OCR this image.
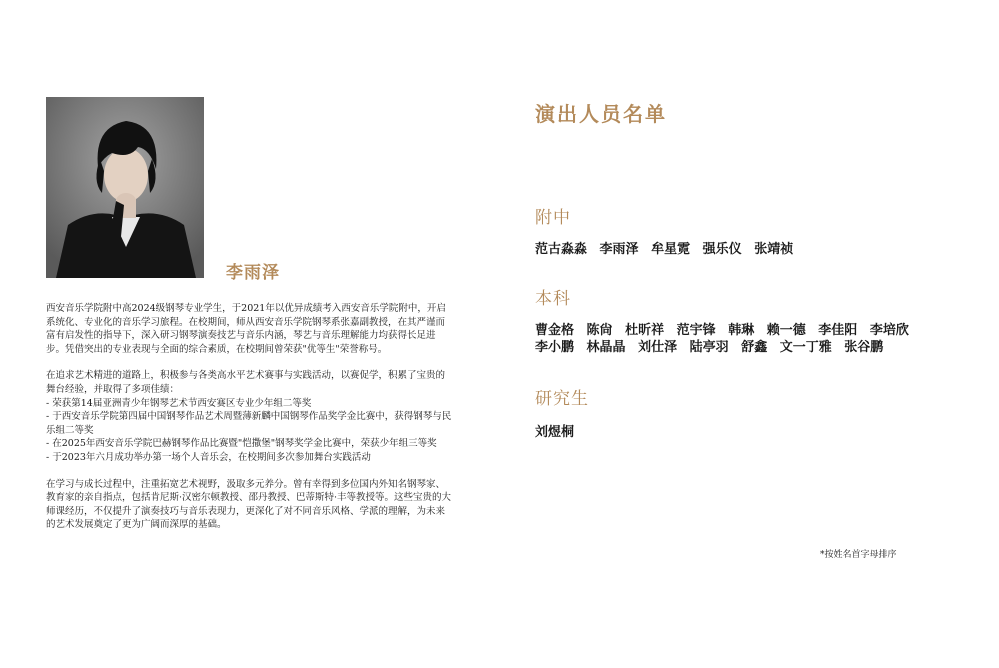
李雨泽

西安音乐学院附中高2024级钢琴专业学生，于2021年以优异成绩考入西安音乐学院附中，开启系统化、专业化的音乐学习旅程。在校期间，师从西安音乐学院钢琴系张嘉副教授，在其严谨而富有启发性的指导下，深入研习钢琴演奏技艺与音乐内涵，琴艺与音乐理解能力均获得长足进步。凭借突出的专业表现与全面的综合素质，在校期间曾荣获"优等生"荣誉称号。

在追求艺术精进的道路上，积极参与各类高水平艺术赛事与实践活动，以赛促学，积累了宝贵的舞台经验，并取得了多项佳绩：
- 荣获第14届亚洲青少年钢琴艺术节西安赛区专业少年组二等奖
- 于西安音乐学院第四届中国钢琴作品艺术周暨薄新麟中国钢琴作品奖学金比赛中，获得钢琴与民乐组二等奖
- 在2025年西安音乐学院巴赫钢琴作品比赛暨"恺撒堡"钢琴奖学金比赛中，荣获少年组三等奖
- 于2023年六月成功举办第一场个人音乐会，在校期间多次参加舞台实践活动

在学习与成长过程中，注重拓宽艺术视野，汲取多元养分。曾有幸得到多位国内外知名钢琴家、教育家的亲自指点，包括肯尼斯·汉密尔顿教授、邵丹教授、巴蒂斯特·丰等教授等。这些宝贵的大师课经历，不仅提升了演奏技巧与音乐表现力，更深化了对不同音乐风格、学派的理解，为未来的艺术发展奠定了更为广阔而深厚的基础。

演出人员名单
附中
范古淼淼 李雨泽 牟星霓 强乐仪 张靖祯
本科
曹金格 陈尙 杜昕祥 范宇锋 韩琳 赖一德 李佳阳 李培欣 李小鹏 林晶晶 刘仕泽 陆亭羽 舒鑫 文一丁雅 张谷鹏
研究生
刘煜桐
*按姓名首字母排序
